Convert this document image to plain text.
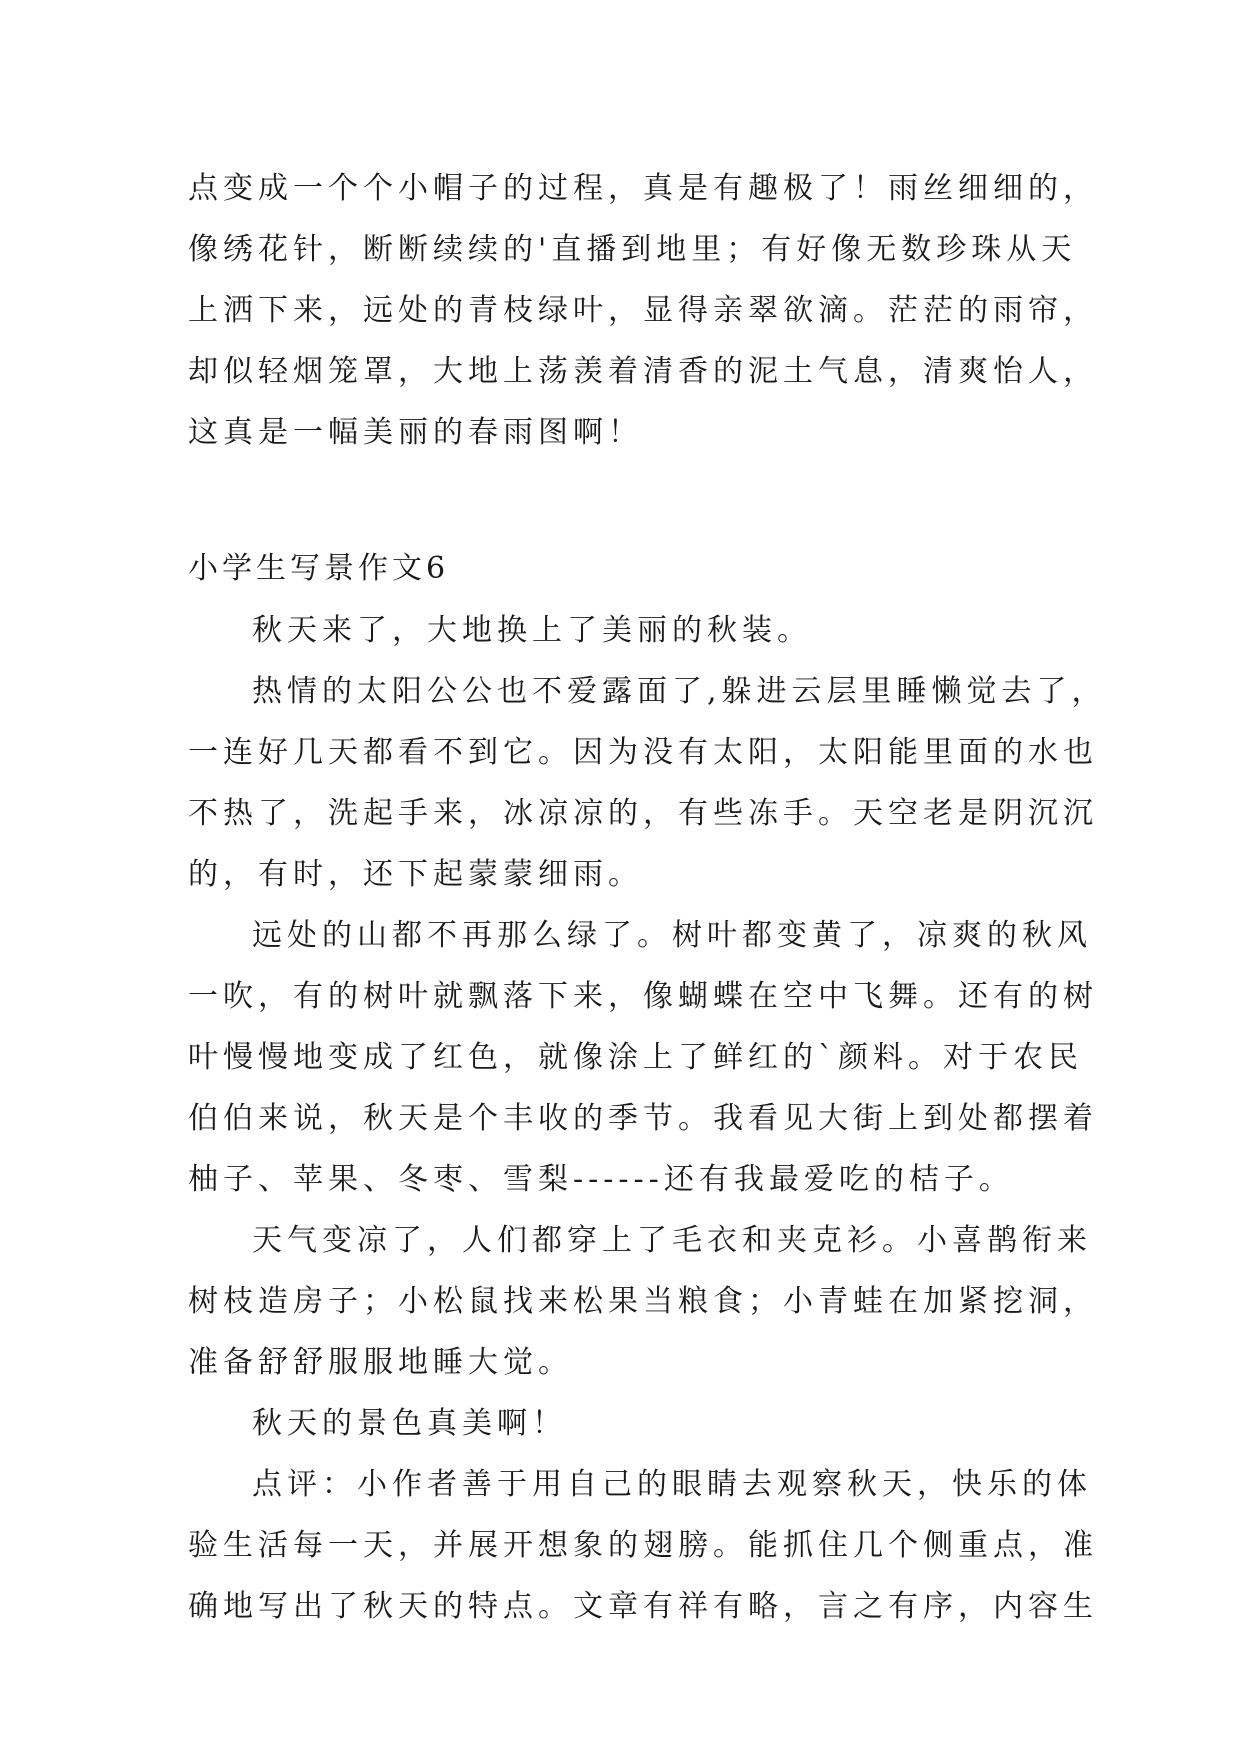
点变成一个个小帽子的过程，真是有趣极了！雨丝细细的，
像绣花针，断断续续的'直播到地里；有好像无数珍珠从天
上洒下来，远处的青枝绿叶，显得亲翠欲滴。茫茫的雨帘，
却似轻烟笼罩，大地上荡羡着清香的泥土气息，清爽怡人，
这真是一幅美丽的春雨图啊！
小学生写景作文6
秋天来了，大地换上了美丽的秋装。
热情的太阳公公也不爱露面了,躲进云层里睡懒觉去了，
一连好几天都看不到它。因为没有太阳，太阳能里面的水也
不热了，洗起手来，冰凉凉的，有些冻手。天空老是阴沉沉
的，有时，还下起蒙蒙细雨。
远处的山都不再那么绿了。树叶都变黄了，凉爽的秋风
一吹，有的树叶就飘落下来，像蝴蝶在空中飞舞。还有的树
叶慢慢地变成了红色，就像涂上了鲜红的`颜料。对于农民
伯伯来说，秋天是个丰收的季节。我看见大街上到处都摆着
柚子、苹果、冬枣、雪梨------还有我最爱吃的桔子。
天气变凉了，人们都穿上了毛衣和夹克衫。小喜鹊衔来
树枝造房子；小松鼠找来松果当粮食；小青蛙在加紧挖洞，
准备舒舒服服地睡大觉。
秋天的景色真美啊！
点评：小作者善于用自己的眼睛去观察秋天，快乐的体
验生活每一天，并展开想象的翅膀。能抓住几个侧重点，准
确地写出了秋天的特点。文章有祥有略，言之有序，内容生
